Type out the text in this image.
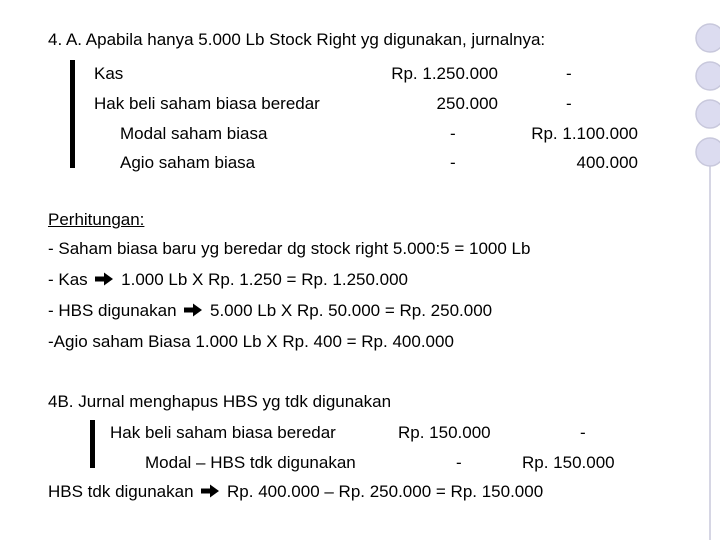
4. A. Apabila hanya 5.000 Lb Stock Right yg digunakan, jurnalnya:
Kas	Rp. 1.250.000	-
Hak beli saham biasa beredar	250.000	-
Modal saham biasa	-	Rp. 1.100.000
Agio saham biasa	-	400.000
Perhitungan:
- Saham biasa baru yg beredar dg stock right 5.000:5 = 1000 Lb
- Kas 1.000 Lb X Rp. 1.250 = Rp. 1.250.000
- HBS digunakan 5.000 Lb X Rp. 50.000 = Rp. 250.000
-Agio saham Biasa 1.000 Lb X Rp. 400 = Rp. 400.000
4B. Jurnal menghapus HBS yg tdk digunakan
Hak beli saham biasa beredar	Rp. 150.000	-
Modal – HBS tdk digunakan	-	Rp. 150.000
HBS tdk digunakan Rp. 400.000 – Rp. 250.000 = Rp. 150.000
